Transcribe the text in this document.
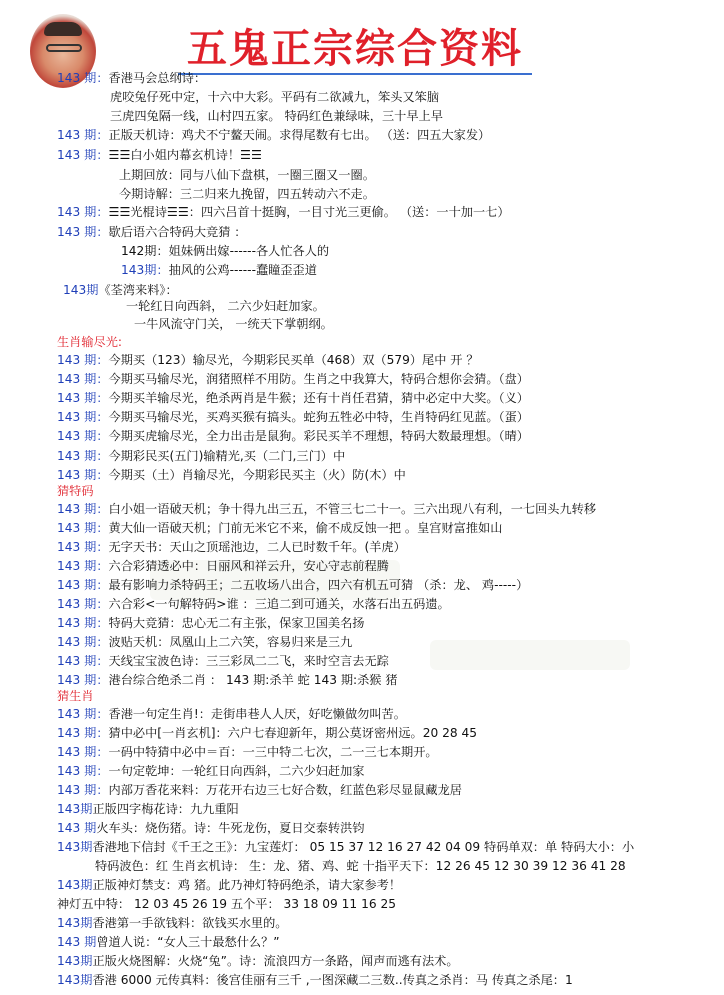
五鬼正宗综合资料
143 期：香港马会总纲诗：
虎咬兔仔死中定，十六中大彩。平码有二欲减九，笨头又笨脑
三虎四兔隔一线，山村四五家。 特码红色兼绿味，三十早上早
143 期：正版天机诗：鸡犬不宁鳌天闹。求得尾数有七出。 （送：四五大家发）
143 期：☰☰白小姐内幕玄机诗！☰☰
上期回放：同与八仙下盘棋，一圈三圈又一圈。
今期诗解：三二归来九挽留，四五转动六不走。
143 期：☰☰光棍诗☰☰：四六吕首十挺胸，一目寸光三更偷。 （送：一十加一七）
143 期：歇后语六合特码大竞猜 ：
142期：姐妹俩出嫁------各人忙各人的
143期：抽风的公鸡------蠢瞳歪歪道
143期《荃湾来料》：
一轮红日向西斜， 二六少妇赶加家。
一牛风流守门关， 一统天下掌朝纲。
生肖输尽光:
143 期：今期买（123）输尽光，今期彩民买单（468）双（579）尾中 开 ？
143 期：今期买马输尽光，润猪照样不用防。生肖之中我算大，特码合想你会猜。（盘）
143 期：今期买羊输尽光，绝杀两肖是牛猴；还有十肖任君猜，猜中必定中大奖。（义）
143 期：今期买马输尽光，买鸡买猴有搞头。蛇狗五牲必中特，生肖特码红见蓝。（蛋）
143 期：今期买虎输尽光，全力出击是鼠狗。彩民买羊不理想，特码大数最理想。（晴）
143 期：今期彩民买(五门)输精光,买（二门,三门）中
143 期：今期买（土）肖输尽光，今期彩民买主（火）防(木）中
猜特码
143 期：白小姐一语破天机；争十得九出三五，不管三七二十一。三六出现八有利，一七回头九转移
143 期：黄大仙一语破天机；门前无米它不来，偷不成反蚀一把 。皇宫财富推如山
143 期：无字天书：天山之顶瑶池边，二人已时数千年。(羊虎）
143 期：六合彩猜透必中：日丽风和祥云升，安心守志前程腾
143 期：最有影响力杀特码王；二五收场八出合，四六有机五可猜 （杀：龙、 鸡-----）
143 期：六合彩<一句解特码>谁 ：三追二到可通关，水落石出五码遗。
143 期：特码大竞猜：忠心无二有主张，保家卫国美名扬
143 期：波贴天机：凤凰山上二六笑，容易归来是三九
143 期：天线宝宝波色诗：三三彩凤二二飞，来时空言去无踪
143 期：港台综合绝杀二肖 ： 143 期:杀羊 蛇 143 期:杀猴 猪
猜生肖
143 期：香港一句定生肖!：走街串巷人人厌，好吃懒做勿叫苦。
143 期：猜中必中[一肖玄机]：六户七春迎新年，期公莫讶密州远。20 28 45
143 期：一码中特猜中必中＝百：一三中特二七次，二一三七本期开。
143 期：一句定乾坤：一轮红日向西斜，二六少妇赶加家
143 期：内部万香花来料：万花开右边三七好合数，红蓝色彩尽显鼠藏龙居
143期正版四字梅花诗：九九重阳
143 期火车头：烧伤猪。诗：牛死龙伤，夏日交泰转洪钧
143期香港地下信封《千王之王》：九宝莲灯： 05 15 37 12 16 27 42 04 09 特码单双：单 特码大小：小
特码波色：红 生肖玄机诗： 生：龙、猪、鸡、蛇 十指平天下：12 26 45 12 30 39 12 36 41 28
143期正版神灯禁支：鸡 猪。此乃神灯特码绝杀，请大家参考！
神灯五中特： 12 03 45 26 19 五个平： 33 18 09 11 16 25
143期香港第一手欲钱料：欲钱买水里的。
143 期曾道人说：“女人三十最愁什么？”
143期正版火烧图解：火烧“兔”。诗：流浪四方一条路，闻声而逃有法术。
143期香港 6000 元传真料：後宫佳丽有三千 ,一图深藏二三数..传真之杀肖：马 传真之杀尾：1
